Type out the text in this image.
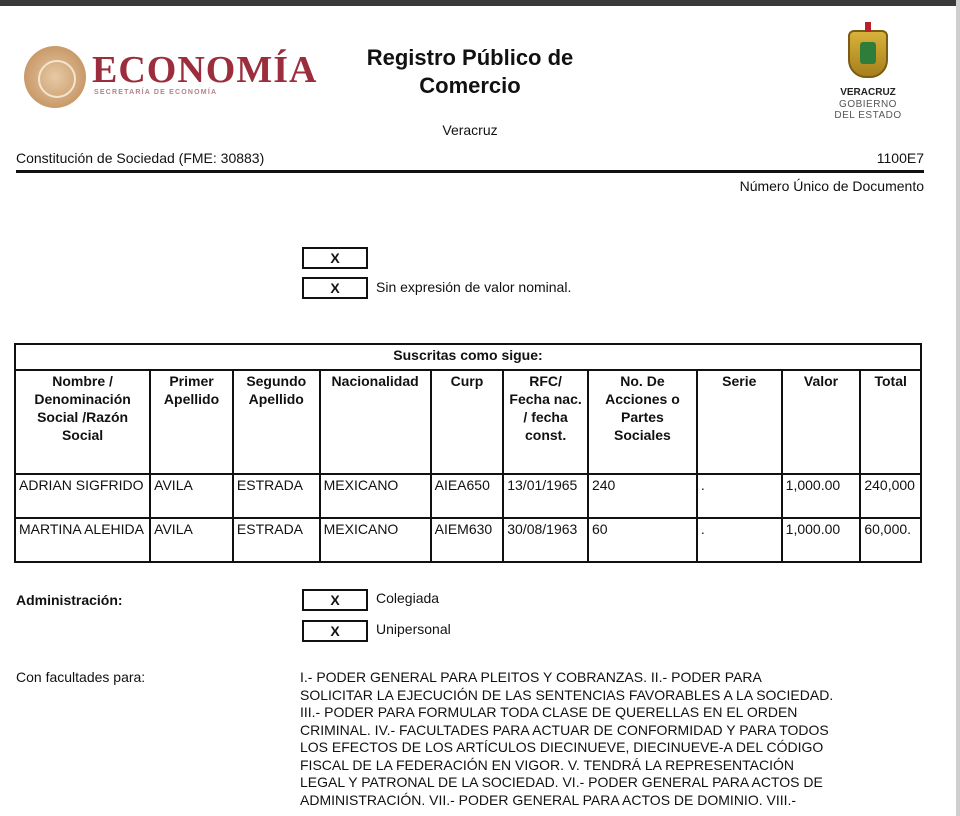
ECONOMÍA
SECRETARÍA DE ECONOMÍA
Registro Público de
Comercio
Veracruz
VERACRUZ
GOBIERNO
DEL ESTADO
Constitución de Sociedad (FME: 30883)	1100E7
Número Único de Documento
X
X	Sin expresión de valor nominal.
Suscritas como sigue:									
Nombre / Denominación Social /Razón Social	Primer Apellido	Segundo Apellido	Nacionalidad	Curp	RFC/ Fecha nac. / fecha const.	No. De Acciones o Partes Sociales	Serie	Valor	Total
ADRIAN SIGFRIDO	AVILA	ESTRADA	MEXICANO	AIEA650	13/01/1965	240	.	1,000.00	240,000
MARTINA ALEHIDA	AVILA	ESTRADA	MEXICANO	AIEM630	30/08/1963	60	.	1,000.00	60,000.
Administración:	X	Colegiada
X	Unipersonal
Con facultades para:	I.- PODER GENERAL PARA PLEITOS Y COBRANZAS. II.- PODER PARA
SOLICITAR LA EJECUCIÓN DE LAS SENTENCIAS FAVORABLES A LA SOCIEDAD.
III.- PODER PARA FORMULAR TODA CLASE DE QUERELLAS EN EL ORDEN
CRIMINAL. IV.- FACULTADES PARA ACTUAR DE CONFORMIDAD Y PARA TODOS
LOS EFECTOS DE LOS ARTÍCULOS DIECINUEVE, DIECINUEVE-A DEL CÓDIGO
FISCAL DE LA FEDERACIÓN EN VIGOR. V. TENDRÁ LA REPRESENTACIÓN
LEGAL Y PATRONAL DE LA SOCIEDAD. VI.- PODER GENERAL PARA ACTOS DE
ADMINISTRACIÓN. VII.- PODER GENERAL PARA ACTOS DE DOMINIO. VIII.-
